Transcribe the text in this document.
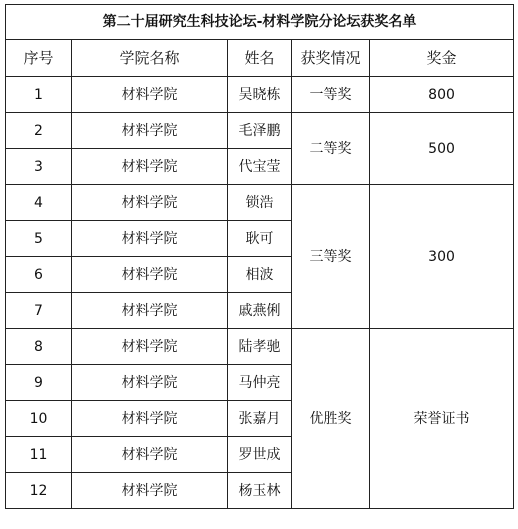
第二十届研究生科技论坛-材料学院分论坛获奖名单				
序号	学院名称	姓名	获奖情况	奖金
1	材料学院	吴晓栋	一等奖	800
2	材料学院	毛泽鹏	二等奖	500
3	材料学院	代宝莹		
4	材料学院	锁浩	三等奖	300
5	材料学院	耿可		
6	材料学院	相波		
7	材料学院	戚燕俐		
8	材料学院	陆孝驰	优胜奖	荣誉证书
9	材料学院	马仲亮		
10	材料学院	张嘉月		
11	材料学院	罗世成		
12	材料学院	杨玉林		
